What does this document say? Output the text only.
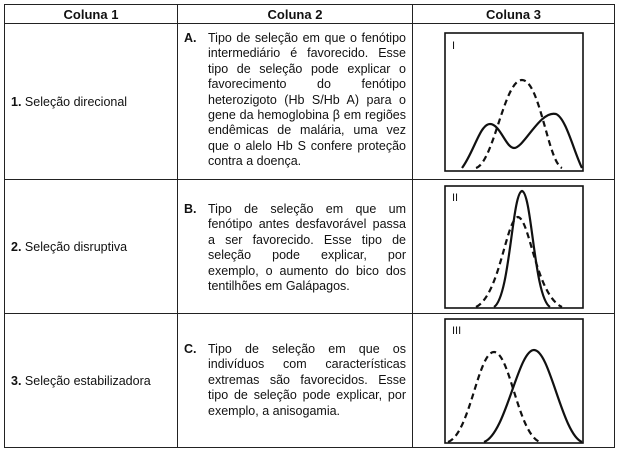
Coluna 1	Coluna 2	Coluna 3
1. Seleção direcional	A. Tipo de seleção em que o fenótipo intermediário é favorecido. Esse tipo de seleção pode explicar o favorecimento do fenótipo heterozigoto (Hb S/Hb A) para o gene da hemoglobina β em regiões endêmicas de malária, uma vez que o alelo Hb S confere proteção contra a doença.	I

2. Seleção disruptiva	B. Tipo de seleção em que um fenótipo antes desfavorável passa a ser favorecido. Esse tipo de seleção pode explicar, por exemplo, o aumento do bico dos tentilhões em Galápagos.	II

3. Seleção estabilizadora	C. Tipo de seleção em que os indivíduos com características extremas são favorecidos. Esse tipo de seleção pode explicar, por exemplo, a anisogamia.	III
